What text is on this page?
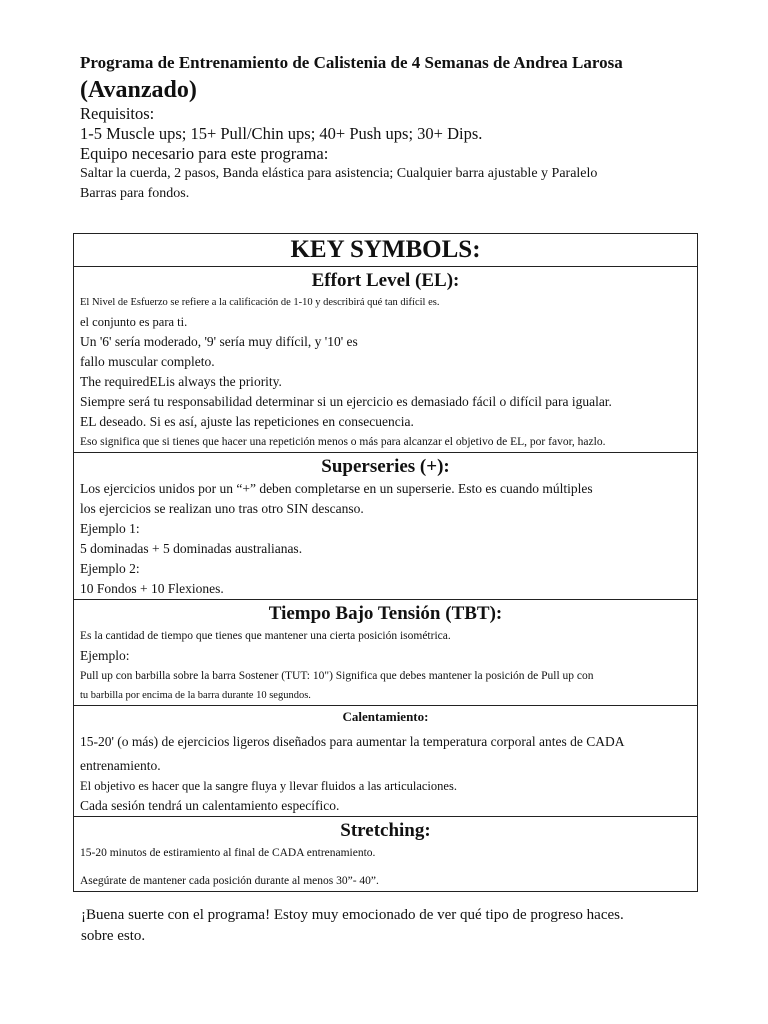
Programa de Entrenamiento de Calistenia de 4 Semanas de Andrea Larosa

(Avanzado)

Requisitos:

1-5 Muscle ups; 15+ Pull/Chin ups; 40+ Push ups; 30+ Dips.

Equipo necesario para este programa:

Saltar la cuerda, 2 pasos, Banda elástica para asistencia; Cualquier barra ajustable y Paralelo

Barras para fondos.

KEY SYMBOLS:

Effort Level (EL):
El Nivel de Esfuerzo se refiere a la calificación de 1-10 y describirá qué tan difícil es.
el conjunto es para ti.
Un '6' sería moderado, '9' sería muy difícil, y '10' es
fallo muscular completo.
The requiredELis always the priority.
Siempre será tu responsabilidad determinar si un ejercicio es demasiado fácil o difícil para igualar.
EL deseado. Si es así, ajuste las repeticiones en consecuencia.
Eso significa que si tienes que hacer una repetición menos o más para alcanzar el objetivo de EL, por favor, hazlo.

Superseries (+):
Los ejercicios unidos por un “+” deben completarse en un superserie. Esto es cuando múltiples
los ejercicios se realizan uno tras otro SIN descanso.
Ejemplo 1:
5 dominadas + 5 dominadas australianas.
Ejemplo 2:
10 Fondos + 10 Flexiones.

Tiempo Bajo Tensión (TBT):
Es la cantidad de tiempo que tienes que mantener una cierta posición isométrica.
Ejemplo:
Pull up con barbilla sobre la barra Sostener (TUT: 10") Significa que debes mantener la posición de Pull up con
tu barbilla por encima de la barra durante 10 segundos.

Calentamiento:
15-20' (o más) de ejercicios ligeros diseñados para aumentar la temperatura corporal antes de CADA
entrenamiento.
El objetivo es hacer que la sangre fluya y llevar fluidos a las articulaciones.
Cada sesión tendrá un calentamiento específico.

Stretching:
15-20 minutos de estiramiento al final de CADA entrenamiento.
Asegúrate de mantener cada posición durante al menos 30”- 40”.
¡Buena suerte con el programa! Estoy muy emocionado de ver qué tipo de progreso haces.
sobre esto.
